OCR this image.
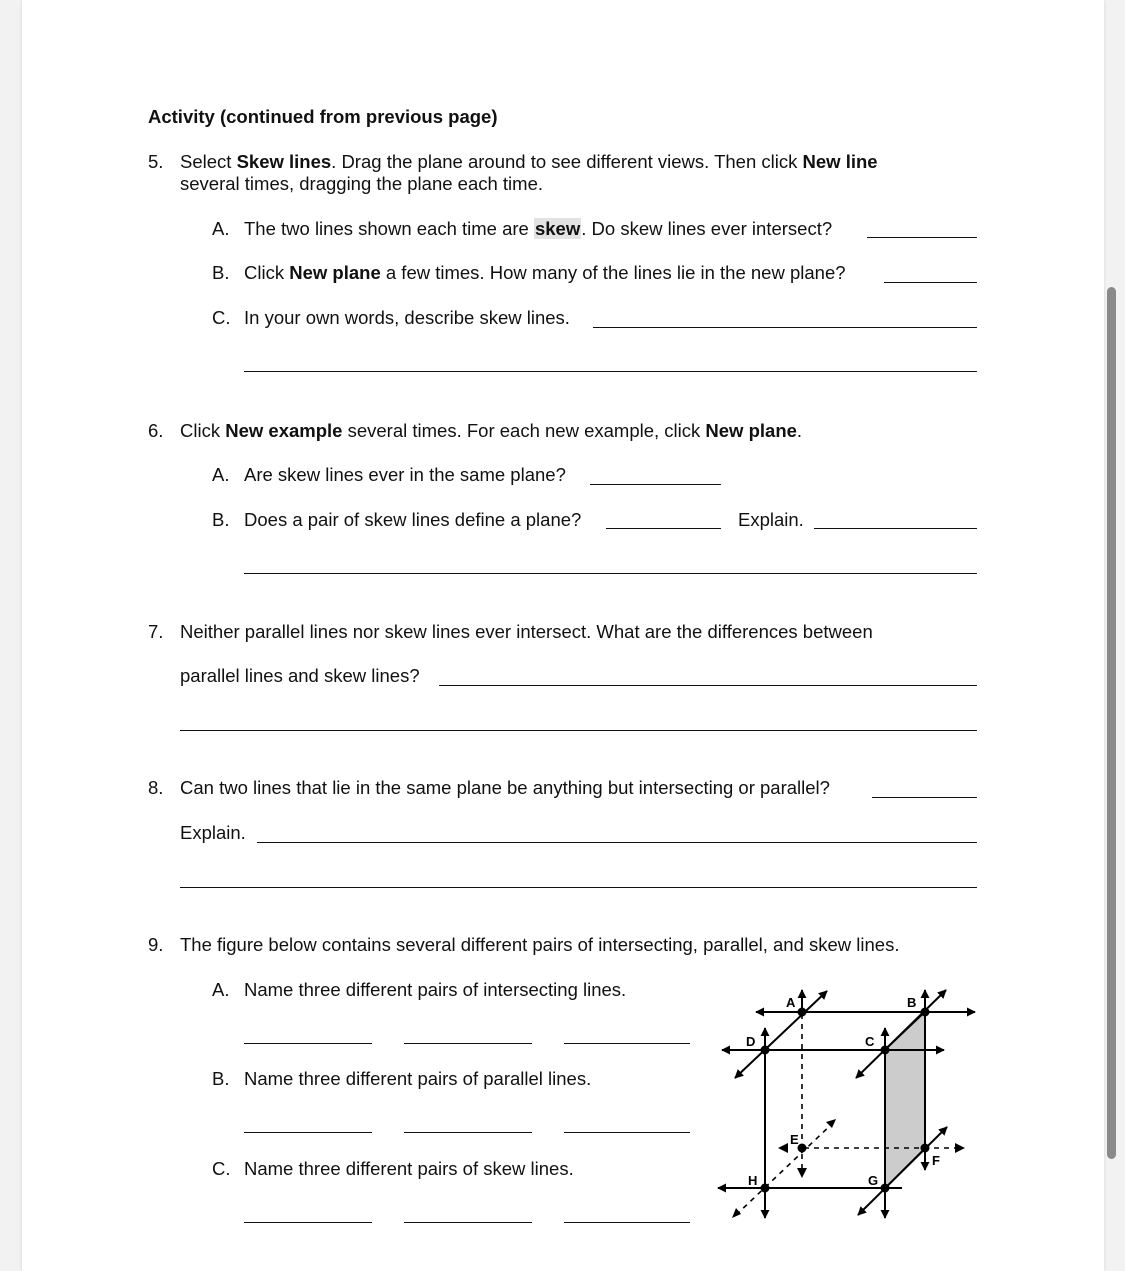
Activity (continued from previous page)
5. Select Skew lines. Drag the plane around to see different views. Then click New line
several times, dragging the plane each time.
A. The two lines shown each time are skew. Do skew lines ever intersect?
B. Click New plane a few times. How many of the lines lie in the new plane?
C. In your own words, describe skew lines.
6. Click New example several times. For each new example, click New plane.
A. Are skew lines ever in the same plane?
B. Does a pair of skew lines define a plane?	Explain.
7. Neither parallel lines nor skew lines ever intersect. What are the differences between
parallel lines and skew lines?
8. Can two lines that lie in the same plane be anything but intersecting or parallel?
Explain.
9. The figure below contains several different pairs of intersecting, parallel, and skew lines.
A. Name three different pairs of intersecting lines.
B. Name three different pairs of parallel lines.
C. Name three different pairs of skew lines.
A	B
C
D
E
F
G
H
